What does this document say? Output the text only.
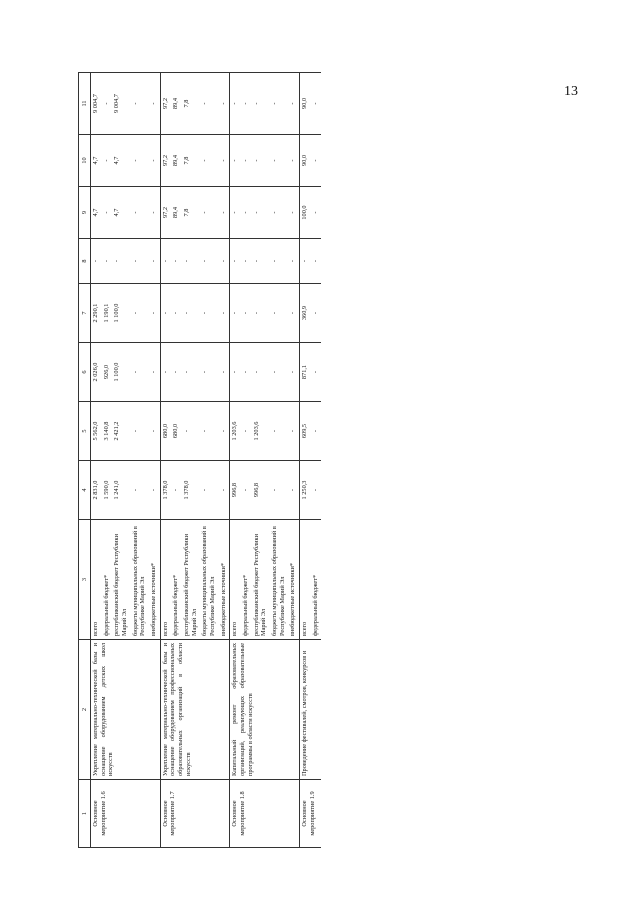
13
1	2	3	4	5	6	7	8	9	10	11
Основное мероприятие 1.6	Укрепление материально-технической базы и оснащение оборудованием детских школ искусств	всего	2 831,0	5 562,0	2 026,0	2 290,1	-	4,7	4,7	9 004,7
		федеральный бюджет*	1 590,0	3 140,8	926,0	1 190,1	-	-	-	-
		республиканский бюджет Республики Марий Эл	1 241,0	2 421,2	1 100,0	1 100,0	-	4,7	4,7	9 004,7
		бюджеты муниципальных образований в Республике Марий Эл	-	-	-	-	-	-	-	-
		внебюджетные источники*	-	-	-	-	-	-	-	-
Основное мероприятие 1.7	Укрепление материально-технической базы и оснащение оборудованием профессиональных образовательных организаций в области искусств	всего	1 378,0	680,0	-	-	-	97,2	97,2	97,2
		федеральный бюджет*	-	680,0	-	-	-	89,4	89,4	89,4
		республиканский бюджет Республики Марий Эл	1 378,0	-	-	-	-	7,8	7,8	7,8
		бюджеты муниципальных образований в Республике Марий Эл	-	-	-	-	-	-	-	-
		внебюджетные источники*	-	-	-	-	-	-	-	-
Основное мероприятие 1.8	Капитальный ремонт образовательных организаций, реализующих образовательные программы в области искусств	всего	996,8	1 203,6	-	-	-	-	-	-
		федеральный бюджет*	-	-	-	-	-	-	-	-
		республиканский бюджет Республики Марий Эл	996,8	1 203,6	-	-	-	-	-	-
		бюджеты муниципальных образований в Республике Марий Эл	-	-	-	-	-	-	-	-
		внебюджетные источники*	-	-	-	-	-	-	-	-
Основное мероприятие 1.9	Проведение фестивалей, смотров, конкурсов и	всего	1 250,3	609,5	871,1	360,9	-	100,0	90,0	90,0
		федеральный бюджет*	-	-	-	-	-	-	-	-
